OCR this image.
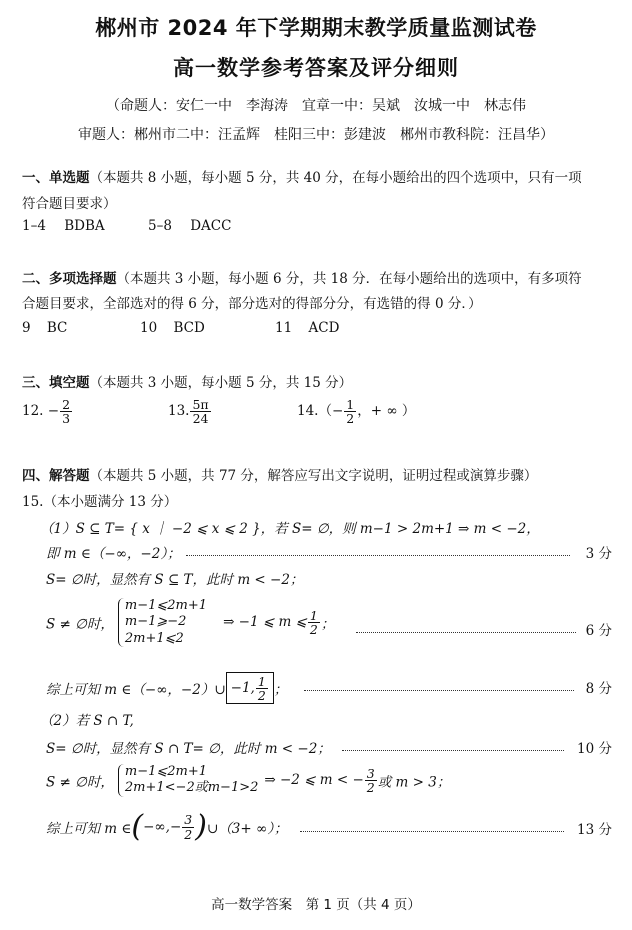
郴州市 2024 年下学期期末教学质量监测试卷
高一数学参考答案及评分细则
（命题人：安仁一中　李海涛　宜章一中：吴斌　汝城一中　林志伟
审题人：郴州市二中：汪孟辉　桂阳三中：彭建波　郴州市教科院：汪昌华）
一、单选题（本题共 8 小题，每小题 5 分，共 40 分，在每小题给出的四个选项中，只有一项
符合题目要求）
1–4 BDBA	5–8 DACC
二、多项选择题（本题共 3 小题，每小题 6 分，共 18 分．在每小题给出的选项中，有多项符
合题目要求，全部选对的得 6 分，部分选对的得部分分，有选错的得 0 分．）
9 BC	10 BCD	11 ACD
三、填空题（本题共 3 小题，每小题 5 分，共 15 分）
12. − $\frac{2}{3}$	13. $\frac{5\pi}{24}$	$14.(- \frac{1}{2}$ ，+ ∞ ）
四、解答题（本题共 5 小题，共 77 分，解答应写出文字说明，证明过程或演算步骤）
15.（本小题满分 13 分）
（1）S ⊆ T= { x ｜ −2 ⩽ x ⩽ 2 }，若 S= ∅，则 m−1 > 2m+1 ⇒ m < −2，
即 m ∈（−∞，−2）；	3 分
S= ∅时，显然有 S ⊆ T，此时 m < −2；
S ≠ ∅时，
m−1⩽2m+1
m−1⩾−2
2m+1⩽2
⇒ −1 ⩽ m ⩽ $\frac{1}{2}$ ；	6 分
综上可知 m ∈（−∞，−2）∪ −1, $\frac{1}{2}$ ；	8 分
（2）若 S ∩ T,
S= ∅时，显然有 S ∩ T= ∅，此时 m < −2；	10 分
S ≠ ∅时，
m−1⩽2m+1
2m+1<−2或m−1>2 ⇒ −2 ⩽ m < − $\frac{3}{2}$ 或 m > 3；
综上可知 m ∈(−∞,− $\frac{3}{2}$ )∪（3+ ∞）；	13 分
高一数学答案　第 1 页（共 4 页）
